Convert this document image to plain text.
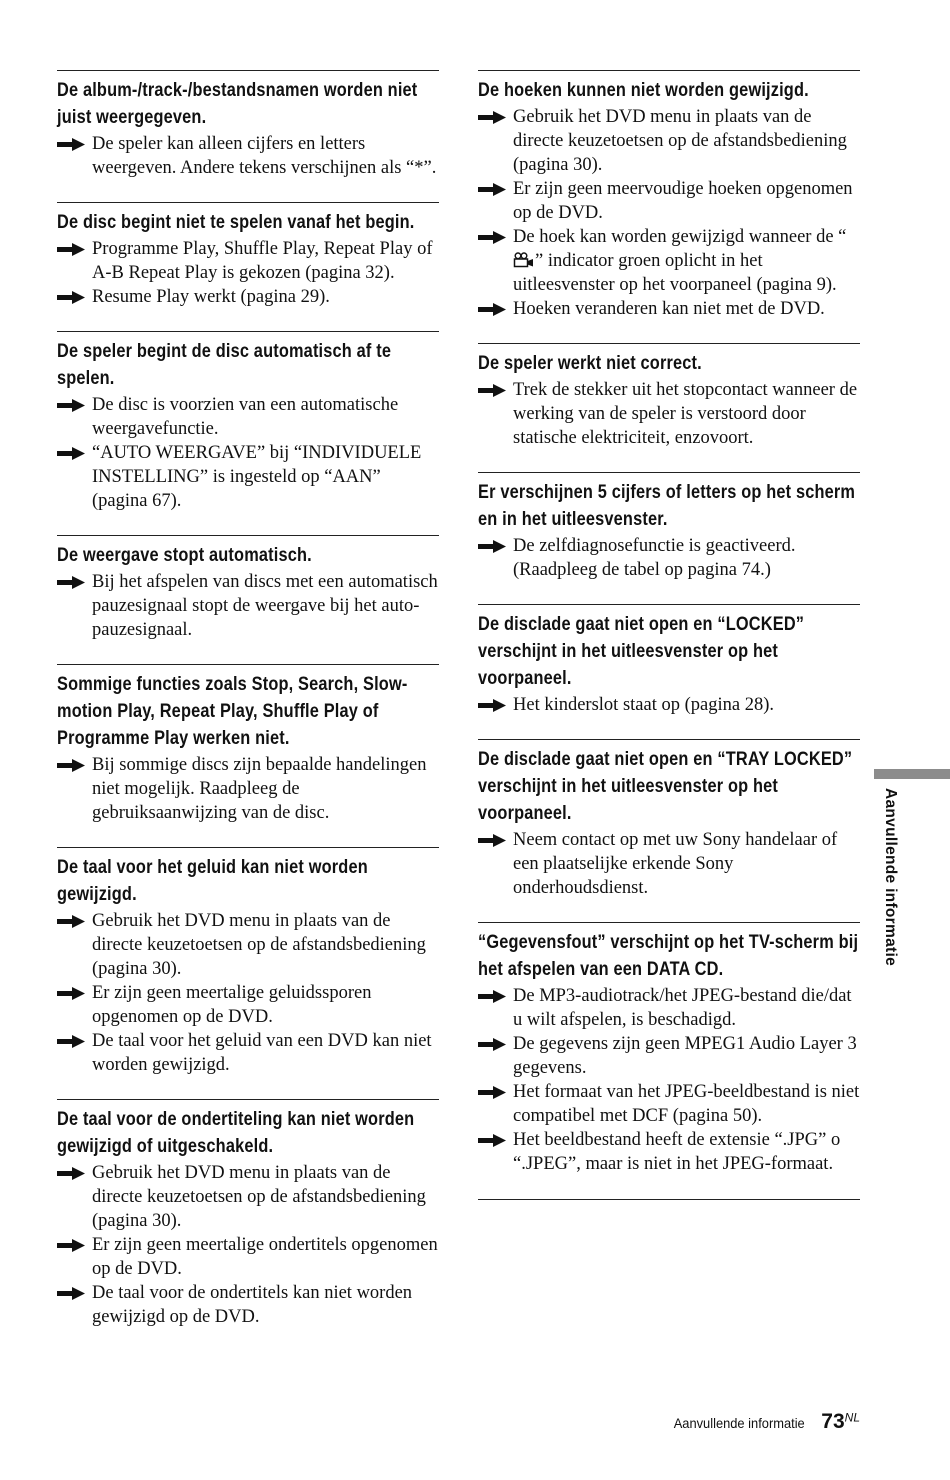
De album-/track-/bestandsnamen worden niet juist weergegeven.
De speler kan alleen cijfers en letters weergeven. Andere tekens verschijnen als “*”.
De disc begint niet te spelen vanaf het begin.
Programme Play, Shuffle Play, Repeat Play of A-B Repeat Play is gekozen (pagina 32).
Resume Play werkt (pagina 29).
De speler begint de disc automatisch af te spelen.
De disc is voorzien van een automatische weergavefunctie.
“AUTO WEERGAVE” bij “INDIVIDUELE INSTELLING” is ingesteld op “AAN” (pagina 67).
De weergave stopt automatisch.
Bij het afspelen van discs met een automatisch pauzesignaal stopt de weergave bij het auto-pauzesignaal.
Sommige functies zoals Stop, Search, Slow-motion Play, Repeat Play, Shuffle Play of Programme Play werken niet.
Bij sommige discs zijn bepaalde handelingen niet mogelijk. Raadpleeg de gebruiksaanwijzing van de disc.
De taal voor het geluid kan niet worden gewijzigd.
Gebruik het DVD menu in plaats van de directe keuzetoetsen op de afstandsbediening (pagina 30).
Er zijn geen meertalige geluidssporen opgenomen op de DVD.
De taal voor het geluid van een DVD kan niet worden gewijzigd.
De taal voor de ondertiteling kan niet worden gewijzigd of uitgeschakeld.
Gebruik het DVD menu in plaats van de directe keuzetoetsen op de afstandsbediening (pagina 30).
Er zijn geen meertalige ondertitels opgenomen op de DVD.
De taal voor de ondertitels kan niet worden gewijzigd op de DVD.
De hoeken kunnen niet worden gewijzigd.
Gebruik het DVD menu in plaats van de directe keuzetoetsen op de afstandsbediening (pagina 30).
Er zijn geen meervoudige hoeken opgenomen op de DVD.
De hoek kan worden gewijzigd wanneer de “” indicator groen oplicht in het uitleesvenster op het voorpaneel (pagina 9).
Hoeken veranderen kan niet met de DVD.
De speler werkt niet correct.
Trek de stekker uit het stopcontact wanneer de werking van de speler is verstoord door statische elektriciteit, enzovoort.
Er verschijnen 5 cijfers of letters op het scherm en in het uitleesvenster.
De zelfdiagnosefunctie is geactiveerd. (Raadpleeg de tabel op pagina 74.)
De disclade gaat niet open en “LOCKED” verschijnt in het uitleesvenster op het voorpaneel.
Het kinderslot staat op (pagina 28).
De disclade gaat niet open en “TRAY LOCKED” verschijnt in het uitleesvenster op het voorpaneel.
Neem contact op met uw Sony handelaar of een plaatselijke erkende Sony onderhoudsdienst.
“Gegevensfout” verschijnt op het TV-scherm bij het afspelen van een DATA CD.
De MP3-audiotrack/het JPEG-bestand die/dat u wilt afspelen, is beschadigd.
De gegevens zijn geen MPEG1 Audio Layer 3 gegevens.
Het formaat van het JPEG-beeldbestand is niet compatibel met DCF (pagina 50).
Het beeldbestand heeft de extensie “.JPG” o “.JPEG”, maar is niet in het JPEG-formaat.
Aanvullende informatie
Aanvullende informatie $73^{NL}$
